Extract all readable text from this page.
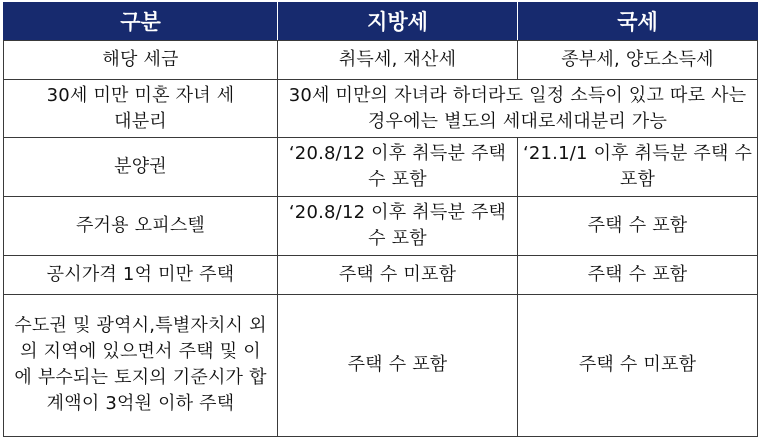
구분	지방세	국세
해당 세금	취득세, 재산세	종부세, 양도소득세
30세 미만 미혼 자녀 세대분리	30세 미만의 자녀라 하더라도 일정 소득이 있고 따로 사는 경우에는 별도의 세대로세대분리 가능	
분양권	‘20.8/12 이후 취득분 주택 수 포함	‘21.1/1 이후 취득분 주택 수 포함
주거용 오피스텔	‘20.8/12 이후 취득분 주택 수 포함	주택 수 포함
공시가격 1억 미만 주택	주택 수 미포함	주택 수 포함
수도권 및 광역시,특별자치시 외의 지역에 있으면서 주택 및 이에 부수되는 토지의 기준시가 합계액이 3억원 이하 주택	주택 수 포함	주택 수 미포함
